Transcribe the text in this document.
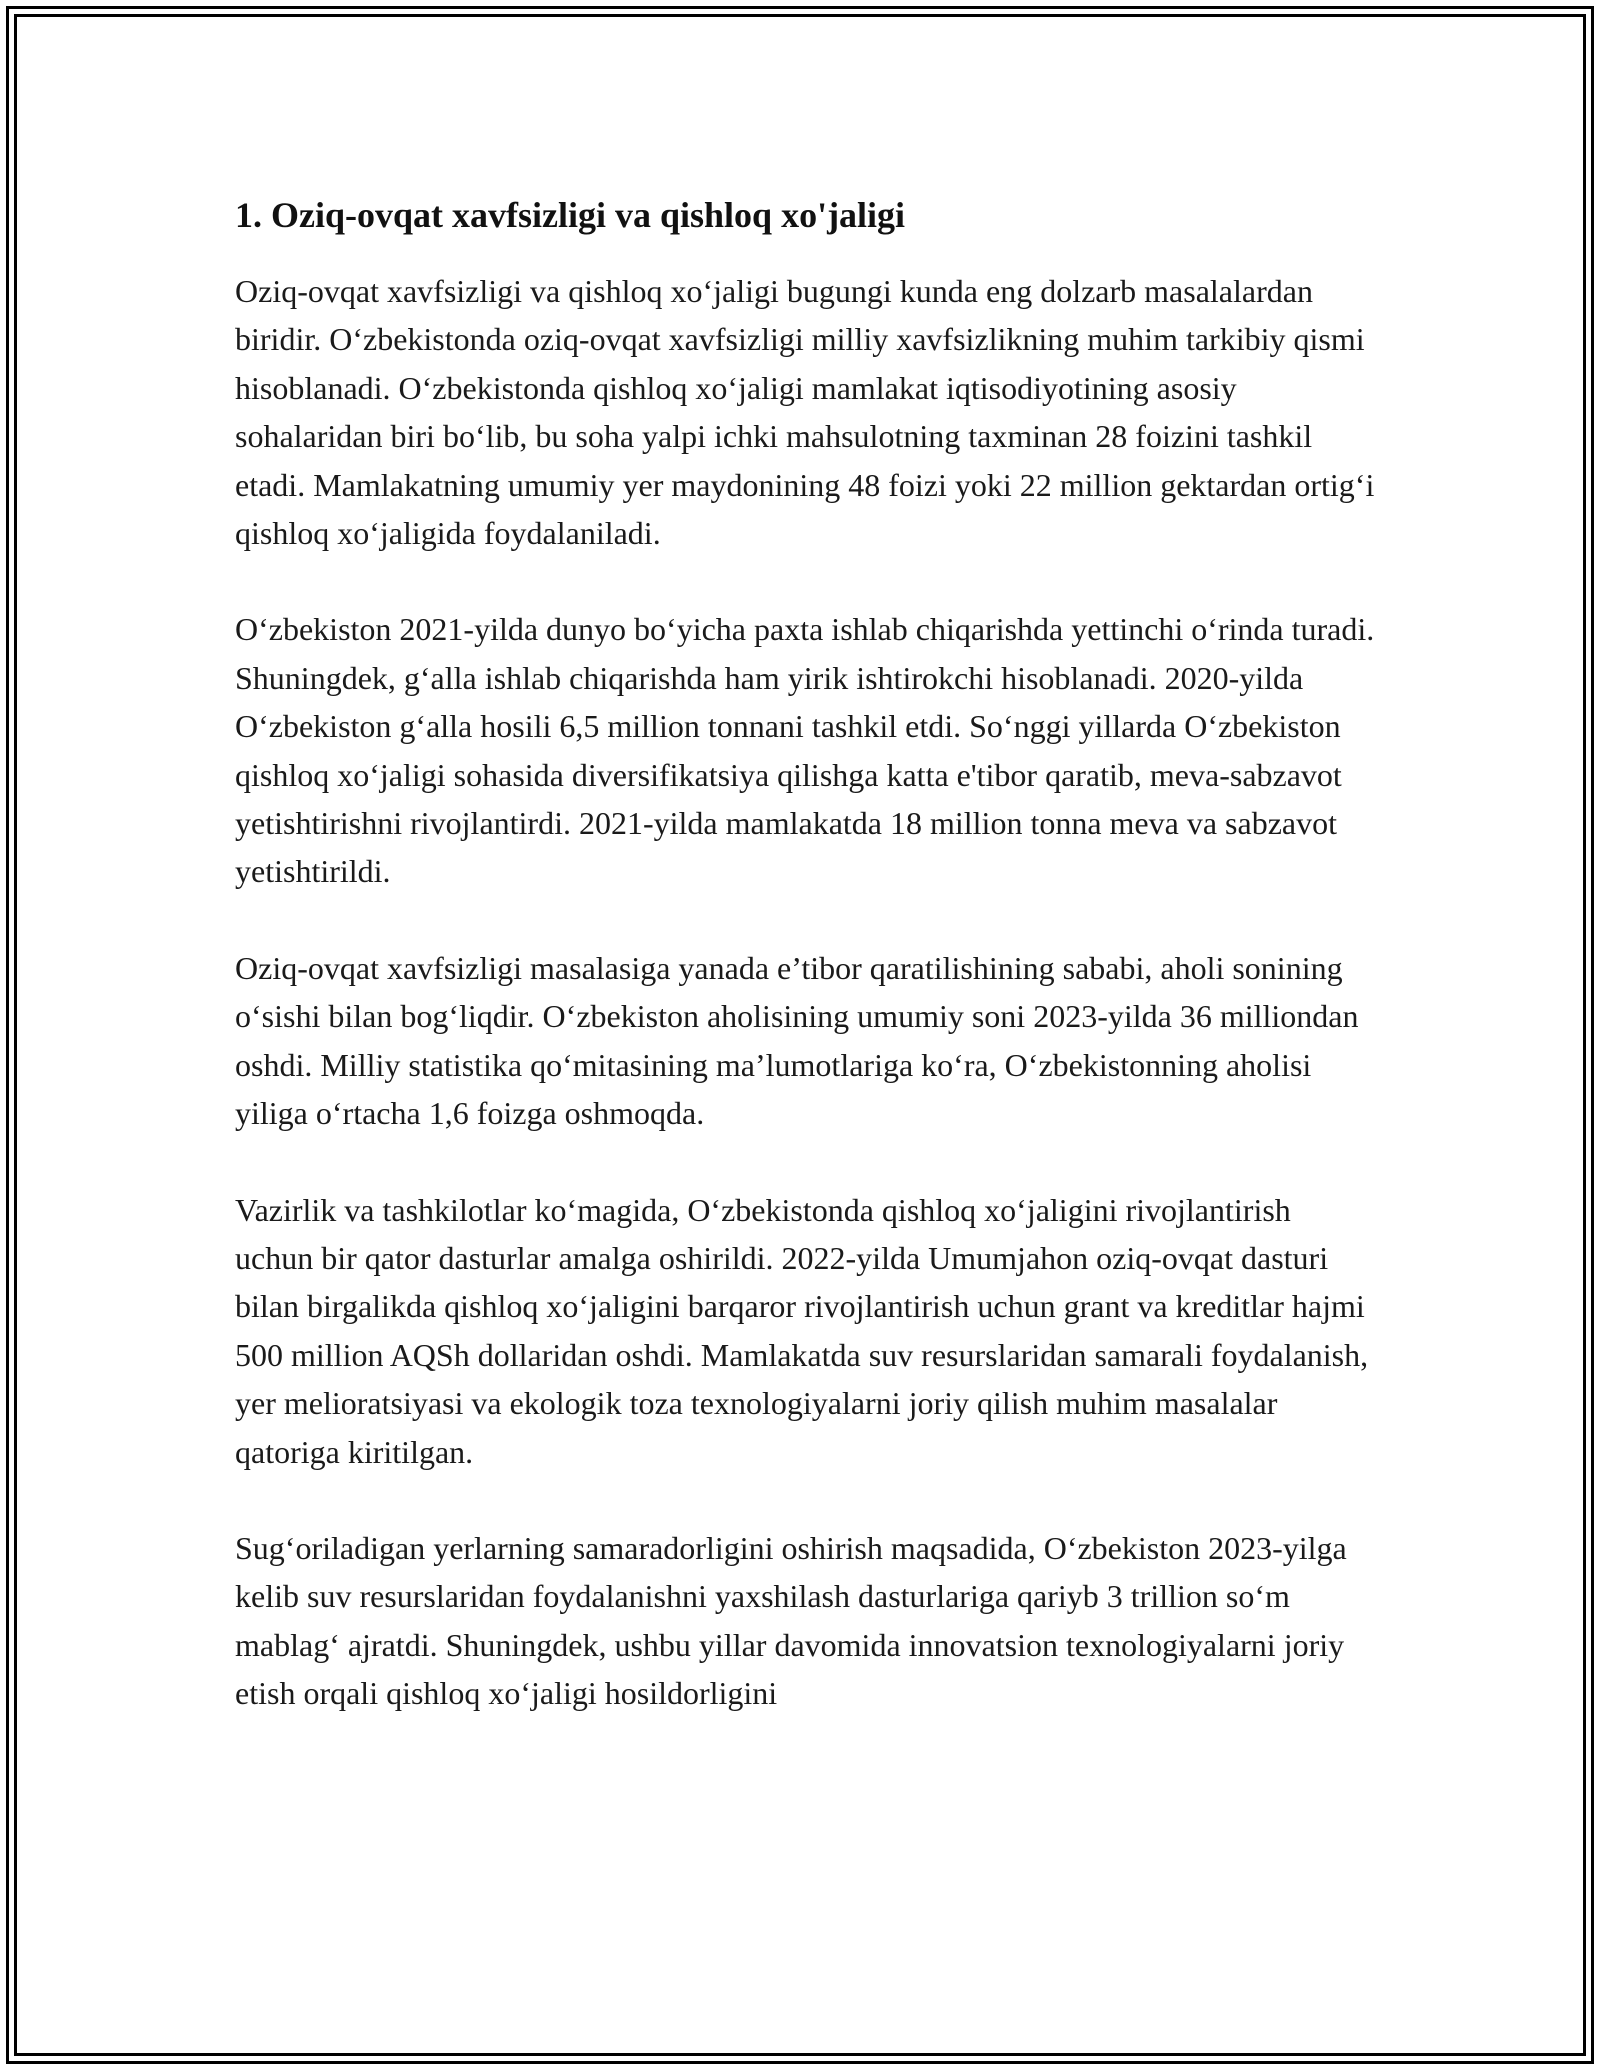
1. Oziq-ovqat xavfsizligi va qishloq xo'jaligi

Oziq-ovqat xavfsizligi va qishloq xo‘jaligi bugungi kunda eng dolzarb masalalardan biridir. O‘zbekistonda oziq-ovqat xavfsizligi milliy xavfsizlikning muhim tarkibiy qismi hisoblanadi. O‘zbekistonda qishloq xo‘jaligi mamlakat iqtisodiyotining asosiy sohalaridan biri bo‘lib, bu soha yalpi ichki mahsulotning taxminan 28 foizini tashkil etadi. Mamlakatning umumiy yer maydonining 48 foizi yoki 22 million gektardan ortig‘i qishloq xo‘jaligida foydalaniladi.

O‘zbekiston 2021-yilda dunyo bo‘yicha paxta ishlab chiqarishda yettinchi o‘rinda turadi. Shuningdek, g‘alla ishlab chiqarishda ham yirik ishtirokchi hisoblanadi. 2020-yilda O‘zbekiston g‘alla hosili 6,5 million tonnani tashkil etdi. So‘nggi yillarda O‘zbekiston qishloq xo‘jaligi sohasida diversifikatsiya qilishga katta e'tibor qaratib, meva-sabzavot yetishtirishni rivojlantirdi. 2021-yilda mamlakatda 18 million tonna meva va sabzavot yetishtirildi.

Oziq-ovqat xavfsizligi masalasiga yanada e’tibor qaratilishining sababi, aholi sonining o‘sishi bilan bog‘liqdir. O‘zbekiston aholisining umumiy soni 2023-yilda 36 milliondan oshdi. Milliy statistika qo‘mitasining ma’lumotlariga ko‘ra, O‘zbekistonning aholisi yiliga o‘rtacha 1,6 foizga oshmoqda.

Vazirlik va tashkilotlar ko‘magida, O‘zbekistonda qishloq xo‘jaligini rivojlantirish uchun bir qator dasturlar amalga oshirildi. 2022-yilda Umumjahon oziq-ovqat dasturi bilan birgalikda qishloq xo‘jaligini barqaror rivojlantirish uchun grant va kreditlar hajmi 500 million AQSh dollaridan oshdi. Mamlakatda suv resurslaridan samarali foydalanish, yer melioratsiyasi va ekologik toza texnologiyalarni joriy qilish muhim masalalar qatoriga kiritilgan.

Sug‘oriladigan yerlarning samaradorligini oshirish maqsadida, O‘zbekiston 2023-yilga kelib suv resurslaridan foydalanishni yaxshilash dasturlariga qariyb 3 trillion so‘m mablag‘ ajratdi. Shuningdek, ushbu yillar davomida innovatsion texnologiyalarni joriy etish orqali qishloq xo‘jaligi hosildorligini
